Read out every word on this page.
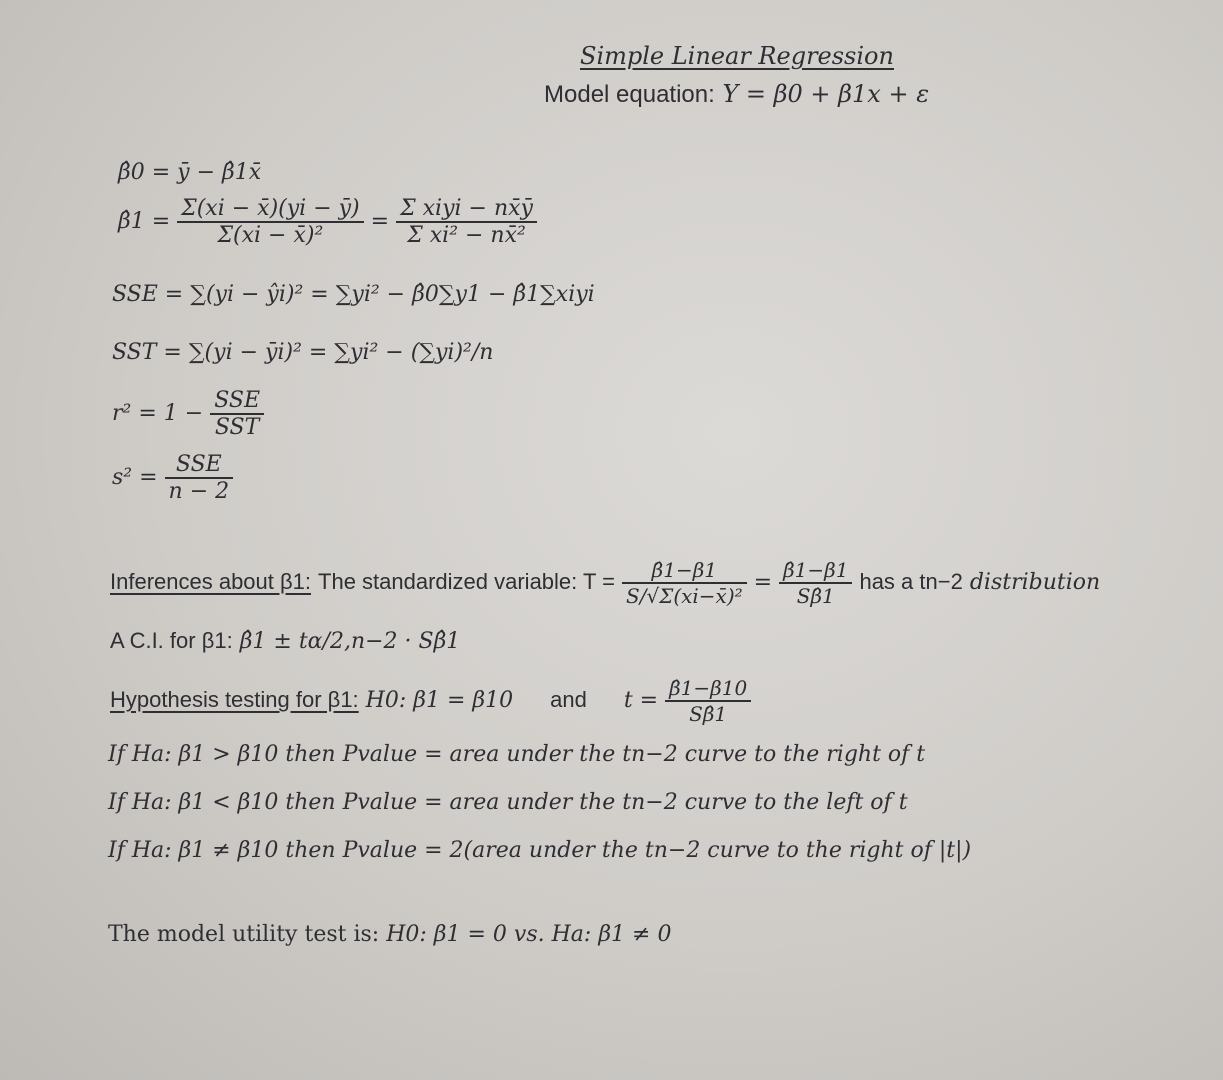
Simple Linear Regression
Model equation: Y = β0 + β1x + ε
β̂0 = ȳ − β̂1x̄
β̂1 = $\frac{\Sigma(xi - x̄)(yi - ȳ)}{\text{Σ(xi − x̄)²}}$ =
Σ xiyi − nx̄ȳ
Σ xi² − nx̄²
SSE = ∑(yi − ŷi)² = ∑yi² − β̂0∑y1 − β̂1∑xiyi
SST = ∑(yi − ȳi)² = ∑yi² − (∑yi)²/n
r² = 1 −
SSE
SST
s² =
SSE
n − 2
Inferences about β1: The standardized variable: $T = \frac{\betâ1-\beta 1}{\text{S/√Σ(xi−x̄)²}} = \frac{\betâ1-\beta 1}{S\betâ1}$ has a tn−2 distribution
A C.I. for β1: β̂1 ± tα/2,n−2 · Sβ̂1
Hypothesis testing for β1: H0: β1 = β10 and $t = \frac{\betâ1-\beta 10}{S\betâ1}$
If Ha: β1 > β10 then Pvalue = area under the tn−2 curve to the right of t
If Ha: β1 < β10 then Pvalue = area under the tn−2 curve to the left of t
If Ha: β1 ≠ β10 then Pvalue = 2(area under the tn−2 curve to the right of |t|)
The model utility test is: H0: β1 = 0 vs. Ha: β1 ≠ 0
